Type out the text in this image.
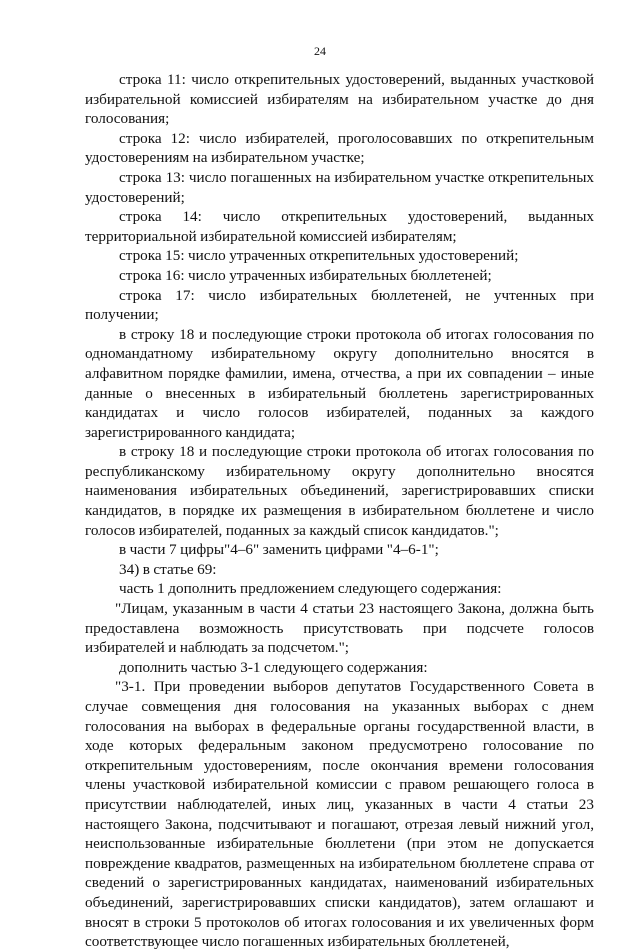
24

строка 11: число открепительных удостоверений, выданных участковой избирательной комиссией избирателям на избирательном участке до дня голосования;

строка 12: число избирателей, проголосовавших по открепительным удостоверениям на избирательном участке;

строка 13: число погашенных на избирательном участке открепительных удостоверений;

строка 14: число открепительных удостоверений, выданных территориальной избирательной комиссией избирателям;

строка 15: число утраченных открепительных удостоверений;

строка 16: число утраченных избирательных бюллетеней;

строка 17: число избирательных бюллетеней, не учтенных при получении;

в строку 18 и последующие строки протокола об итогах голосования по одномандатному избирательному округу дополнительно вносятся в алфавитном порядке фамилии, имена, отчества, а при их совпадении – иные данные о внесенных в избирательный бюллетень зарегистрированных кандидатах и число голосов избирателей, поданных за каждого зарегистрированного кандидата;

в строку 18 и последующие строки протокола об итогах голосования по республиканскому избирательному округу дополнительно вносятся наименования избирательных объединений, зарегистрировавших списки кандидатов, в порядке их размещения в избирательном бюллетене и число голосов избирателей, поданных за каждый список кандидатов.";

в части 7 цифры"4–6" заменить цифрами "4–6-1";

34) в статье 69:

часть 1 дополнить предложением следующего содержания:

"Лицам, указанным в части 4 статьи 23 настоящего Закона, должна быть предоставлена возможность присутствовать при подсчете голосов избирателей и наблюдать за подсчетом.";

дополнить частью 3-1 следующего содержания:

"3-1. При проведении выборов депутатов Государственного Совета в случае совмещения дня голосования на указанных выборах с днем голосования на выборах в федеральные органы государственной власти, в ходе которых федеральным законом предусмотрено голосование по открепительным удостоверениям, после окончания времени голосования члены участковой избирательной комиссии с правом решающего голоса в присутствии наблюдателей, иных лиц, указанных в части 4 статьи 23 настоящего Закона, подсчитывают и погашают, отрезая левый нижний угол, неиспользованные избирательные бюллетени (при этом не допускается повреждение квадратов, размещенных на избирательном бюллетене справа от сведений о зарегистрированных кандидатах, наименований избирательных объединений, зарегистрировавших списки кандидатов), затем оглашают и вносят в строки 5 протоколов об итогах голосования и их увеличенных форм соответствующее число погашенных избирательных бюллетеней,
